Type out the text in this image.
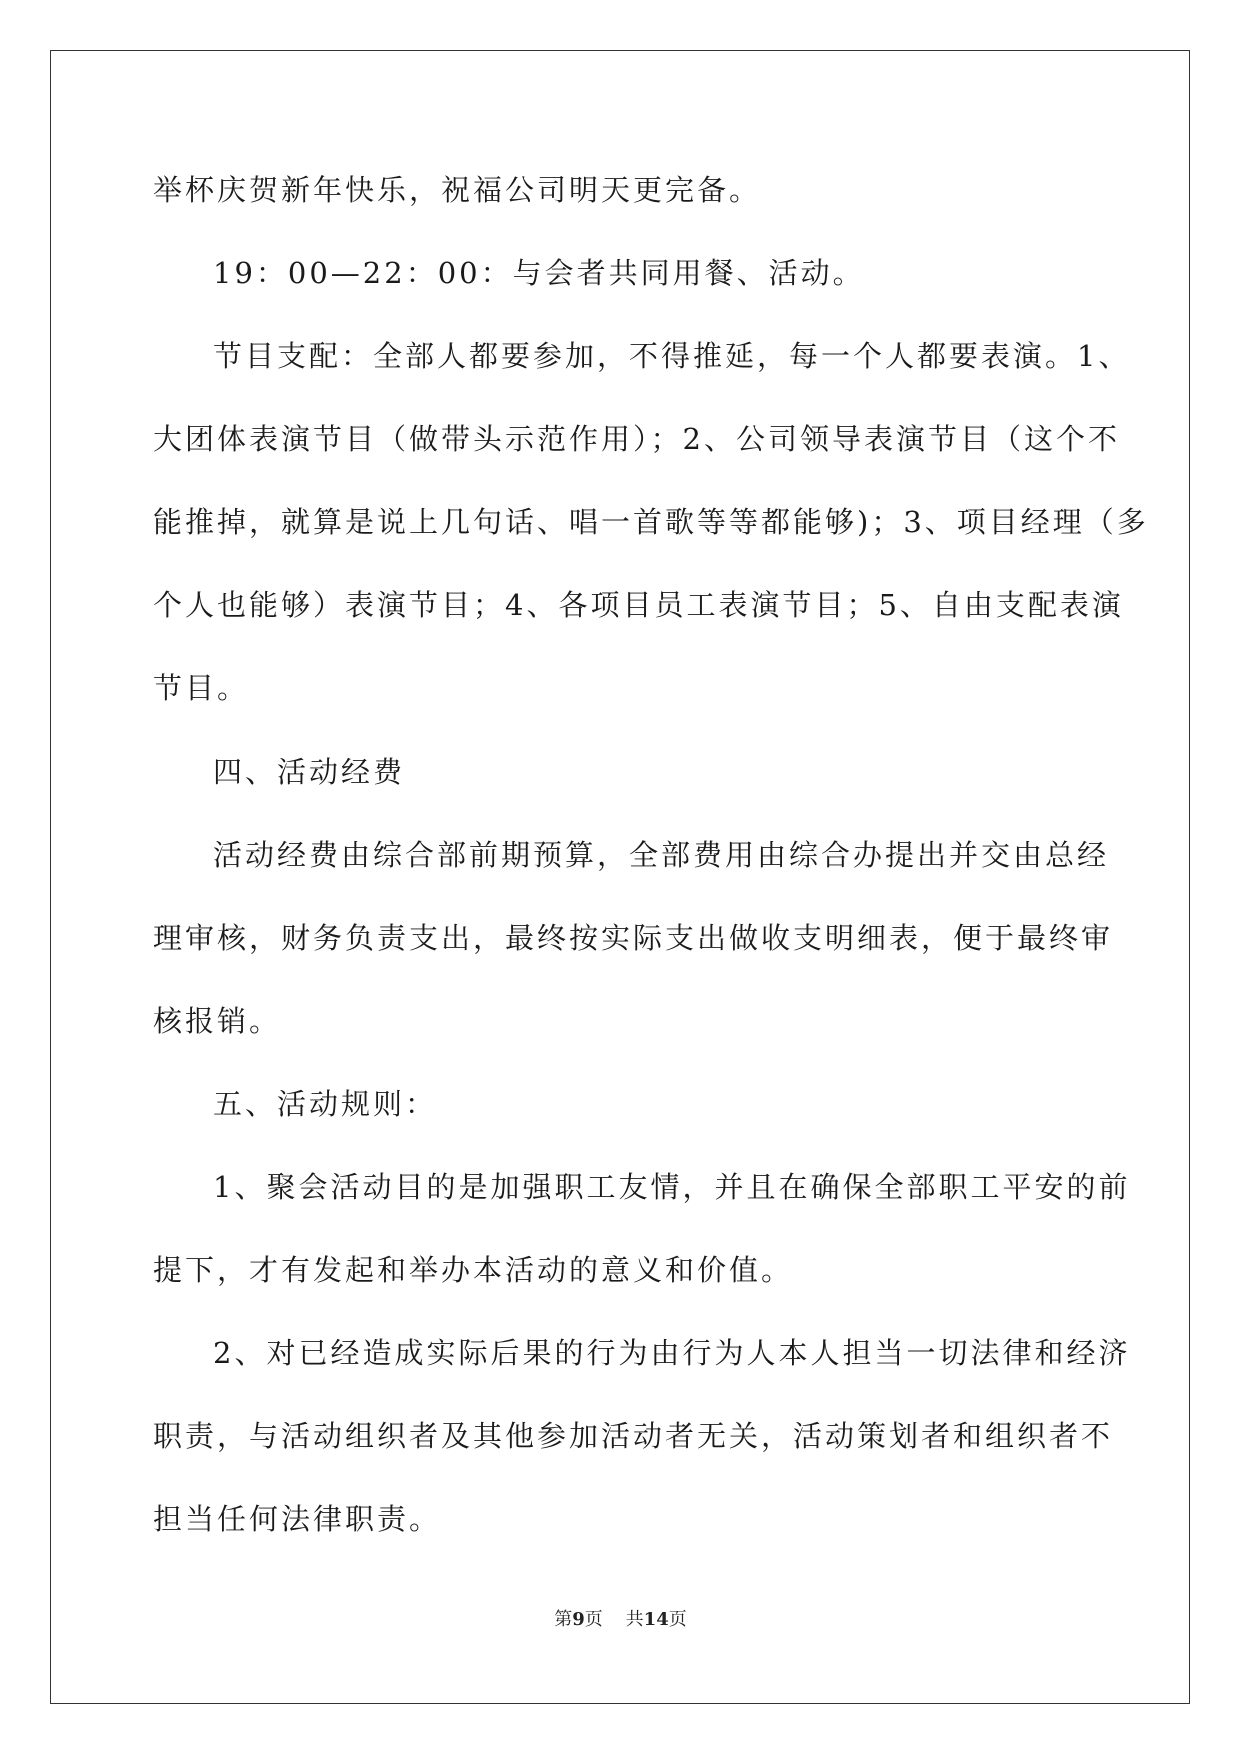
举杯庆贺新年快乐，祝福公司明天更完备。
19：00—22：00：与会者共同用餐、活动。
节目支配：全部人都要参加，不得推延，每一个人都要表演。1、
大团体表演节目（做带头示范作用）；2、公司领导表演节目（这个不
能推掉，就算是说上几句话、唱一首歌等等都能够)；3、项目经理（多
个人也能够）表演节目；4、各项目员工表演节目；5、自由支配表演
节目。
四、活动经费
活动经费由综合部前期预算，全部费用由综合办提出并交由总经
理审核，财务负责支出，最终按实际支出做收支明细表，便于最终审
核报销。
五、活动规则：
1、聚会活动目的是加强职工友情，并且在确保全部职工平安的前
提下，才有发起和举办本活动的意义和价值。
2、对已经造成实际后果的行为由行为人本人担当一切法律和经济
职责，与活动组织者及其他参加活动者无关，活动策划者和组织者不
担当任何法律职责。
第9页 共14页
